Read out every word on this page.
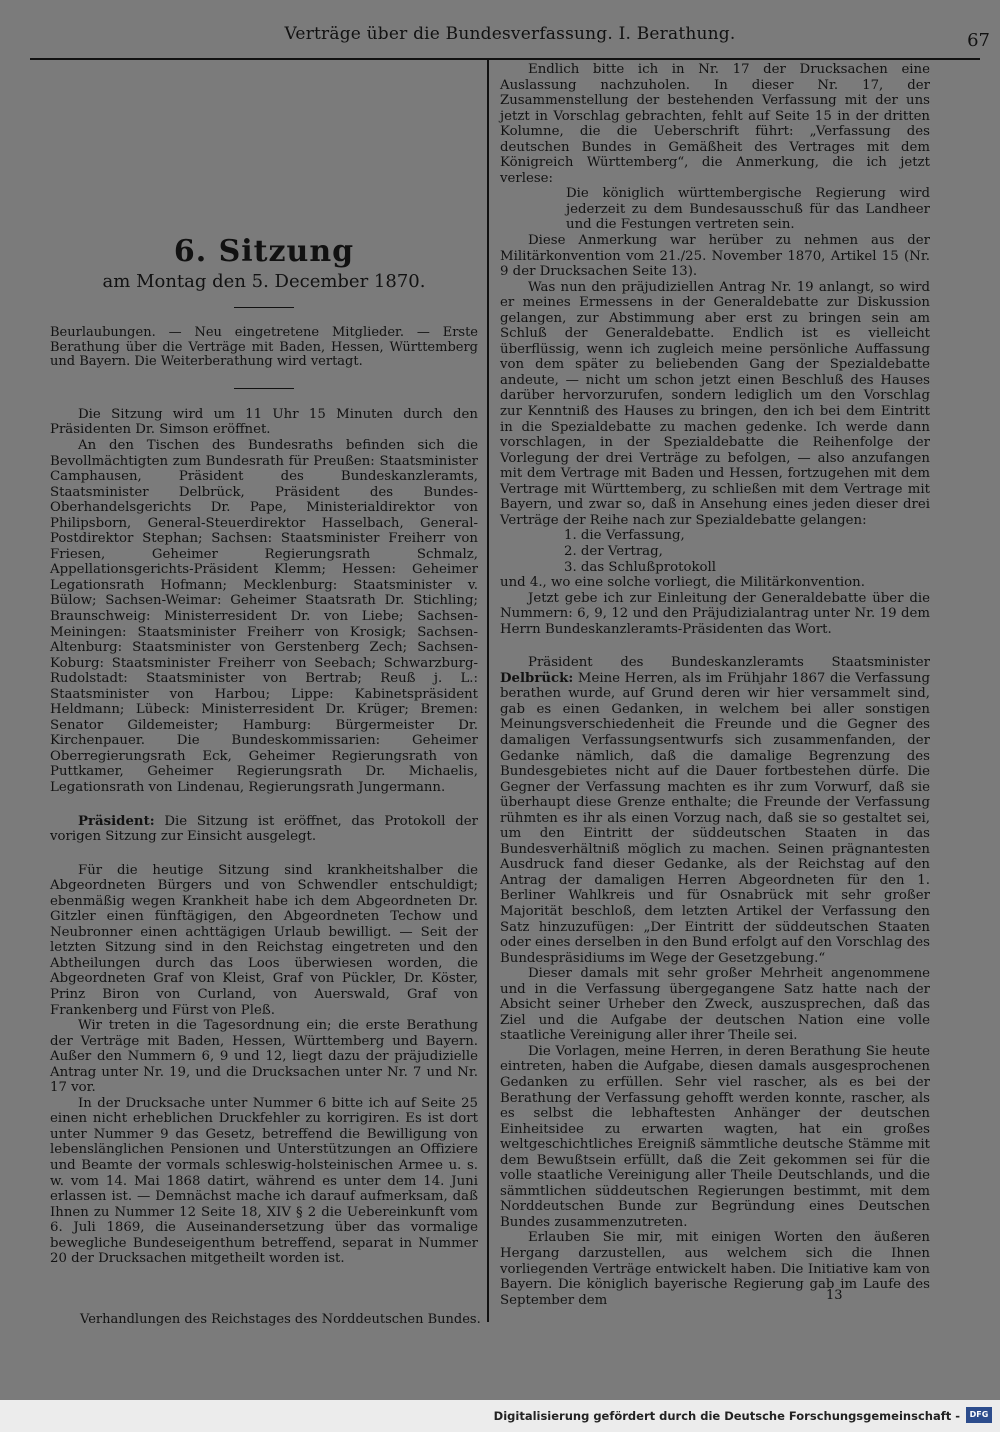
Verträge über die Bundesverfassung. I. Berathung.	67

6. Sitzung

am Montag den 5. December 1870.

Beurlaubungen. — Neu eingetretene Mitglieder. — Erste Berathung über die Verträge mit Baden, Hessen, Württemberg und Bayern. Die Weiterberathung wird vertagt.

Die Sitzung wird um 11 Uhr 15 Minuten durch den Präsidenten Dr. Simson eröffnet.

An den Tischen des Bundesraths befinden sich die Bevollmächtigten zum Bundesrath für Preußen: Staatsminister Camphausen, Präsident des Bundeskanzleramts, Staatsminister Delbrück, Präsident des Bundes-Oberhandelsgerichts Dr. Pape, Ministerialdirektor von Philipsborn, General-Steuerdirektor Hasselbach, General-Postdirektor Stephan; Sachsen: Staatsminister Freiherr von Friesen, Geheimer Regierungsrath Schmalz, Appellationsgerichts-Präsident Klemm; Hessen: Geheimer Legationsrath Hofmann; Mecklenburg: Staatsminister v. Bülow; Sachsen-Weimar: Geheimer Staatsrath Dr. Stichling; Braunschweig: Ministerresident Dr. von Liebe; Sachsen-Meiningen: Staatsminister Freiherr von Krosigk; Sachsen-Altenburg: Staatsminister von Gerstenberg Zech; Sachsen-Koburg: Staatsminister Freiherr von Seebach; Schwarzburg-Rudolstadt: Staatsminister von Bertrab; Reuß j. L.: Staatsminister von Harbou; Lippe: Kabinetspräsident Heldmann; Lübeck: Ministerresident Dr. Krüger; Bremen: Senator Gildemeister; Hamburg: Bürgermeister Dr. Kirchenpauer. Die Bundeskommissarien: Geheimer Oberregierungsrath Eck, Geheimer Regierungsrath von Puttkamer, Geheimer Regierungsrath Dr. Michaelis, Legationsrath von Lindenau, Regierungsrath Jungermann.

Präsident: Die Sitzung ist eröffnet, das Protokoll der vorigen Sitzung zur Einsicht ausgelegt.

Für die heutige Sitzung sind krankheitshalber die Abgeordneten Bürgers und von Schwendler entschuldigt; ebenmäßig wegen Krankheit habe ich dem Abgeordneten Dr. Gitzler einen fünftägigen, den Abgeordneten Techow und Neubronner einen achttägigen Urlaub bewilligt. — Seit der letzten Sitzung sind in den Reichstag eingetreten und den Abtheilungen durch das Loos überwiesen worden, die Abgeordneten Graf von Kleist, Graf von Pückler, Dr. Köster, Prinz Biron von Curland, von Auerswald, Graf von Frankenberg und Fürst von Pleß.

Wir treten in die Tagesordnung ein; die erste Berathung der Verträge mit Baden, Hessen, Württemberg und Bayern. Außer den Nummern 6, 9 und 12, liegt dazu der präjudizielle Antrag unter Nr. 19, und die Drucksachen unter Nr. 7 und Nr. 17 vor.

In der Drucksache unter Nummer 6 bitte ich auf Seite 25 einen nicht erheblichen Druckfehler zu korrigiren. Es ist dort unter Nummer 9 das Gesetz, betreffend die Bewilligung von lebenslänglichen Pensionen und Unterstützungen an Offiziere und Beamte der vormals schleswig-holsteinischen Armee u. s. w. vom 14. Mai 1868 datirt, während es unter dem 14. Juni erlassen ist. — Demnächst mache ich darauf aufmerksam, daß Ihnen zu Nummer 12 Seite 18, XIV § 2 die Uebereinkunft vom 6. Juli 1869, die Auseinandersetzung über das vormalige bewegliche Bundeseigenthum betreffend, separat in Nummer 20 der Drucksachen mitgetheilt worden ist.

Verhandlungen des Reichstages des Norddeutschen Bundes.

Endlich bitte ich in Nr. 17 der Drucksachen eine Auslassung nachzuholen. In dieser Nr. 17, der Zusammenstellung der bestehenden Verfassung mit der uns jetzt in Vorschlag gebrachten, fehlt auf Seite 15 in der dritten Kolumne, die die Ueberschrift führt: „Verfassung des deutschen Bundes in Gemäßheit des Vertrages mit dem Königreich Württemberg“, die Anmerkung, die ich jetzt verlese:

Die königlich württembergische Regierung wird jederzeit zu dem Bundesausschuß für das Landheer und die Festungen vertreten sein.

Diese Anmerkung war herüber zu nehmen aus der Militärkonvention vom 21./25. November 1870, Artikel 15 (Nr. 9 der Drucksachen Seite 13).

Was nun den präjudiziellen Antrag Nr. 19 anlangt, so wird er meines Ermessens in der Generaldebatte zur Diskussion gelangen, zur Abstimmung aber erst zu bringen sein am Schluß der Generaldebatte. Endlich ist es vielleicht überflüssig, wenn ich zugleich meine persönliche Auffassung von dem später zu beliebenden Gang der Spezialdebatte andeute, — nicht um schon jetzt einen Beschluß des Hauses darüber hervorzurufen, sondern lediglich um den Vorschlag zur Kenntniß des Hauses zu bringen, den ich bei dem Eintritt in die Spezialdebatte zu machen gedenke. Ich werde dann vorschlagen, in der Spezialdebatte die Reihenfolge der Vorlegung der drei Verträge zu befolgen, — also anzufangen mit dem Vertrage mit Baden und Hessen, fortzugehen mit dem Vertrage mit Württemberg, zu schließen mit dem Vertrage mit Bayern, und zwar so, daß in Ansehung eines jeden dieser drei Verträge der Reihe nach zur Spezialdebatte gelangen:

1. die Verfassung,

2. der Vertrag,

3. das Schlußprotokoll

und 4., wo eine solche vorliegt, die Militärkonvention.

Jetzt gebe ich zur Einleitung der Generaldebatte über die Nummern: 6, 9, 12 und den Präjudizialantrag unter Nr. 19 dem Herrn Bundeskanzleramts-Präsidenten das Wort.

Präsident des Bundeskanzleramts Staatsminister Delbrück: Meine Herren, als im Frühjahr 1867 die Verfassung berathen wurde, auf Grund deren wir hier versammelt sind, gab es einen Gedanken, in welchem bei aller sonstigen Meinungsverschiedenheit die Freunde und die Gegner des damaligen Verfassungsentwurfs sich zusammenfanden, der Gedanke nämlich, daß die damalige Begrenzung des Bundesgebietes nicht auf die Dauer fortbestehen dürfe. Die Gegner der Verfassung machten es ihr zum Vorwurf, daß sie überhaupt diese Grenze enthalte; die Freunde der Verfassung rühmten es ihr als einen Vorzug nach, daß sie so gestaltet sei, um den Eintritt der süddeutschen Staaten in das Bundesverhältniß möglich zu machen. Seinen prägnantesten Ausdruck fand dieser Gedanke, als der Reichstag auf den Antrag der damaligen Herren Abgeordneten für den 1. Berliner Wahlkreis und für Osnabrück mit sehr großer Majorität beschloß, dem letzten Artikel der Verfassung den Satz hinzuzufügen: „Der Eintritt der süddeutschen Staaten oder eines derselben in den Bund erfolgt auf den Vorschlag des Bundespräsidiums im Wege der Gesetzgebung.“

Dieser damals mit sehr großer Mehrheit angenommene und in die Verfassung übergegangene Satz hatte nach der Absicht seiner Urheber den Zweck, auszusprechen, daß das Ziel und die Aufgabe der deutschen Nation eine volle staatliche Vereinigung aller ihrer Theile sei.

Die Vorlagen, meine Herren, in deren Berathung Sie heute eintreten, haben die Aufgabe, diesen damals ausgesprochenen Gedanken zu erfüllen. Sehr viel rascher, als es bei der Berathung der Verfassung gehofft werden konnte, rascher, als es selbst die lebhaftesten Anhänger der deutschen Einheitsidee zu erwarten wagten, hat ein großes weltgeschichtliches Ereigniß sämmtliche deutsche Stämme mit dem Bewußtsein erfüllt, daß die Zeit gekommen sei für die volle staatliche Vereinigung aller Theile Deutschlands, und die sämmtlichen süddeutschen Regierungen bestimmt, mit dem Norddeutschen Bunde zur Begründung eines Deutschen Bundes zusammenzutreten.

Erlauben Sie mir, mit einigen Worten den äußeren Hergang darzustellen, aus welchem sich die Ihnen vorliegenden Verträge entwickelt haben. Die Initiative kam von Bayern. Die königlich bayerische Regierung gab im Laufe des September dem	13
Digitalisierung gefördert durch die Deutsche Forschungsgemeinschaft -	DFG
